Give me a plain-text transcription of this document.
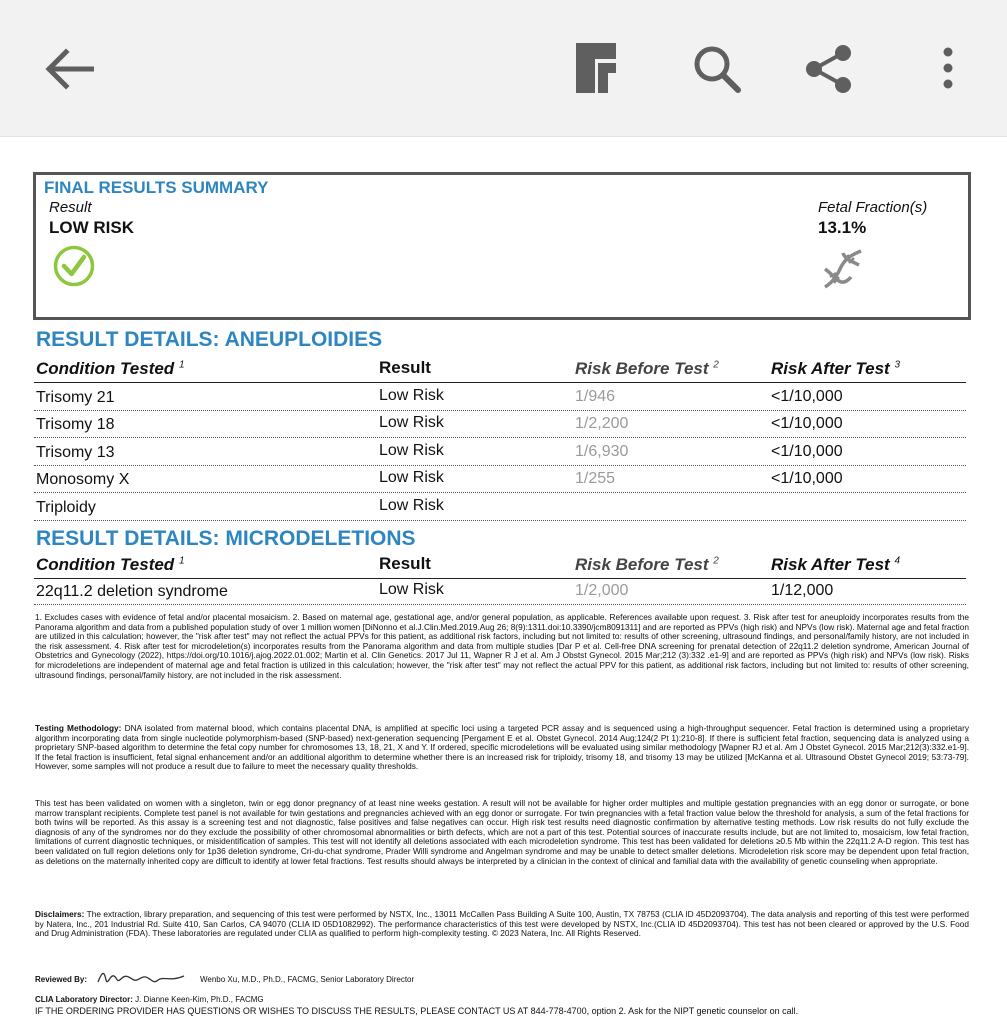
FINAL RESULTS SUMMARY
Result
LOW RISK
Fetal Fraction(s)
13.1%
RESULT DETAILS: ANEUPLOIDIES
Condition Tested $^1$	Result	Risk Before Test $^2$	Risk After Test $^3$
Trisomy 21	Low Risk	1/946	<1/10,000
Trisomy 18	Low Risk	1/2,200	<1/10,000
Trisomy 13	Low Risk	1/6,930	<1/10,000
Monosomy X	Low Risk	1/255	<1/10,000
Triploidy	Low Risk
RESULT DETAILS: MICRODELETIONS
Condition Tested $^1$	Result	Risk Before Test $^2$	Risk After Test $^4$
22q11.2 deletion syndrome	Low Risk	1/2,000	1/12,000
1. Excludes cases with evidence of fetal and/or placental mosaicism. 2. Based on maternal age, gestational age, and/or general population, as applicable. References available upon request. 3. Risk after test for aneuploidy incorporates results from the Panorama algorithm and data from a published population study of over 1 million women [DiNonno et al.J.Clin.Med.2019.Aug 26; 8(9):1311.doi:10.3390/jcm8091311] and are reported as PPVs (high risk) and NPVs (low risk). Maternal age and fetal fraction are utilized in this calculation; however, the "risk after test" may not reflect the actual PPVs for this patient, as additional risk factors, including but not limited to: results of other screening, ultrasound findings, and personal/family history, are not included in the risk assessment. 4. Risk after test for microdeletion(s) incorporates results from the Panorama algorithm and data from multiple studies [Dar P et al. Cell-free DNA screening for prenatal detection of 22q11.2 deletion syndrome, American Journal of Obstetrics and Gynecology (2022), https://doi.org/10.1016/j.ajog.2022.01.002; Martin et al. Clin Genetics. 2017 Jul 11, Wapner R J et al. Am J Obstst Gynecol. 2015 Mar;212 (3):332 .e1-9] and are reported as PPVs (high risk) and NPVs (low risk). Risks for microdeletions are independent of maternal age and fetal fraction is utilized in this calculation; however, the "risk after test" may not reflect the actual PPV for this patient, as additional risk factors, including but not limited to: results of other screening, ultrasound findings, personal/family history, are not included in the risk assessment.
Testing Methodology: DNA isolated from maternal blood, which contains placental DNA, is amplified at specific loci using a targeted PCR assay and is sequenced using a high-throughput sequencer. Fetal fraction is determined using a proprietary algorithm incorporating data from single nucleotide polymorphism-based (SNP-based) next-generation sequencing [Pergament E et al. Obstet Gynecol. 2014 Aug;124(2 Pt 1):210-8]. If there is sufficient fetal fraction, sequencing data is analyzed using a proprietary SNP-based algorithm to determine the fetal copy number for chromosomes 13, 18, 21, X and Y. If ordered, specific microdeletions will be evaluated using similar methodology [Wapner RJ et al. Am J Obstet Gynecol. 2015 Mar;212(3):332.e1-9]. If the fetal fraction is insufficient, fetal signal enhancement and/or an additional algorithm to determine whether there is an increased risk for triploidy, trisomy 18, and trisomy 13 may be utilized [McKanna et al. Ultrasound Obstet Gynecol 2019; 53:73-79]. However, some samples will not produce a result due to failure to meet the necessary quality thresholds.
This test has been validated on women with a singleton, twin or egg donor pregnancy of at least nine weeks gestation. A result will not be available for higher order multiples and multiple gestation pregnancies with an egg donor or surrogate, or bone marrow transplant recipients. Complete test panel is not available for twin gestations and pregnancies achieved with an egg donor or surrogate. For twin pregnancies with a fetal fraction value below the threshold for analysis, a sum of the fetal fractions for both twins will be reported. As this assay is a screening test and not diagnostic, false positives and false negatives can occur. High risk test results need diagnostic confirmation by alternative testing methods. Low risk results do not fully exclude the diagnosis of any of the syndromes nor do they exclude the possibility of other chromosomal abnormalities or birth defects, which are not a part of this test. Potential sources of inaccurate results include, but are not limited to, mosaicism, low fetal fraction, limitations of current diagnostic techniques, or misidentification of samples. This test will not identify all deletions associated with each microdeletion syndrome. This test has been validated for deletions ≥0.5 Mb within the 22q11.2 A-D region. This test has been validated on full region deletions only for 1p36 deletion syndrome, Cri-du-chat syndrome, Prader Willi syndrome and Angelman syndrome and may be unable to detect smaller deletions. Microdeletion risk score may be dependent upon fetal fraction, as deletions on the maternally inherited copy are difficult to identify at lower fetal fractions. Test results should always be interpreted by a clinician in the context of clinical and familial data with the availability of genetic counseling when appropriate.
Disclaimers: The extraction, library preparation, and sequencing of this test were performed by NSTX, Inc., 13011 McCallen Pass Building A Suite 100, Austin, TX 78753 (CLIA ID 45D2093704). The data analysis and reporting of this test were performed by Natera, Inc., 201 Industrial Rd. Suite 410, San Carlos, CA 94070 (CLIA ID 05D1082992). The performance characteristics of this test were developed by NSTX, Inc.(CLIA ID 45D2093704). This test has not been cleared or approved by the U.S. Food and Drug Administration (FDA). These laboratories are regulated under CLIA as qualified to perform high-complexity testing. © 2023 Natera, Inc. All Rights Reserved.
Reviewed By:	Wenbo Xu, M.D., Ph.D., FACMG, Senior Laboratory Director
CLIA Laboratory Director: J. Dianne Keen-Kim, Ph.D., FACMG
IF THE ORDERING PROVIDER HAS QUESTIONS OR WISHES TO DISCUSS THE RESULTS, PLEASE CONTACT US AT 844-778-4700, option 2. Ask for the NIPT genetic counselor on call.
